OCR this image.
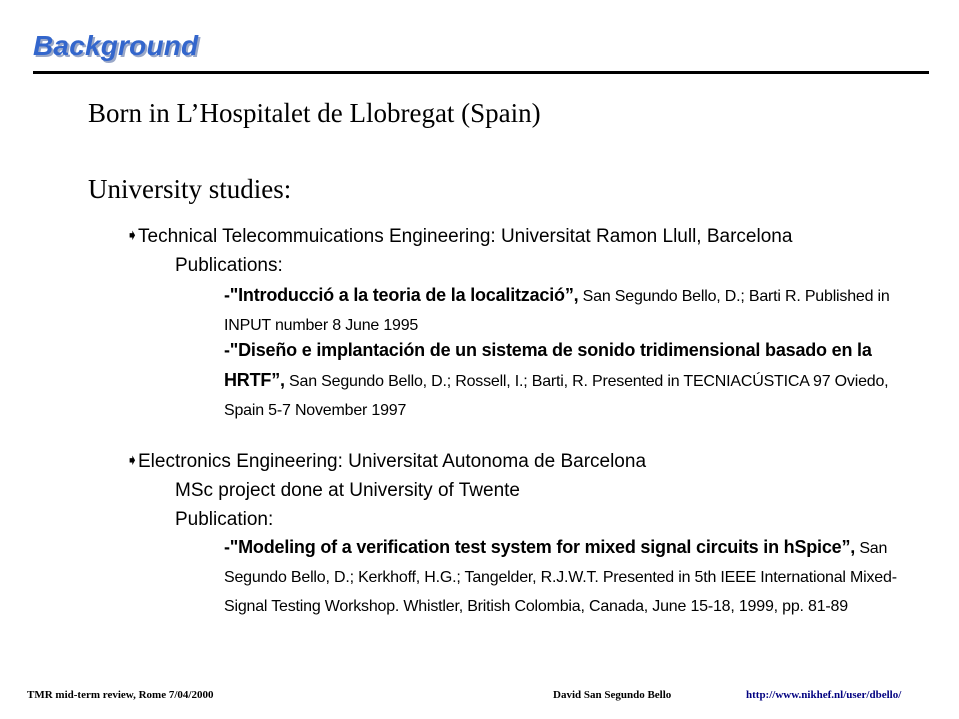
Background
Born in L’Hospitalet de Llobregat (Spain)
University studies:
➧Technical Telecommuications Engineering: Universitat Ramon Llull, Barcelona
Publications:
-"Introducció a la teoria de la localització”, San Segundo Bello, D.; Barti R. Published in INPUT number 8 June 1995
-"Diseño e implantación de un sistema de sonido tridimensional basado en la HRTF”, San Segundo Bello, D.; Rossell, I.; Barti, R. Presented in TECNIACÚSTICA 97 Oviedo, Spain 5-7 November 1997
➧Electronics Engineering: Universitat Autonoma de Barcelona
MSc project done at University of Twente
Publication:
-"Modeling of a verification test system for mixed signal circuits in hSpice”, San Segundo Bello, D.; Kerkhoff, H.G.; Tangelder, R.J.W.T. Presented in 5th IEEE International Mixed-Signal Testing Workshop. Whistler, British Colombia, Canada, June 15-18, 1999, pp. 81-89
TMR mid-term review, Rome 7/04/2000	David San Segundo Bello	http://www.nikhef.nl/user/dbello/
